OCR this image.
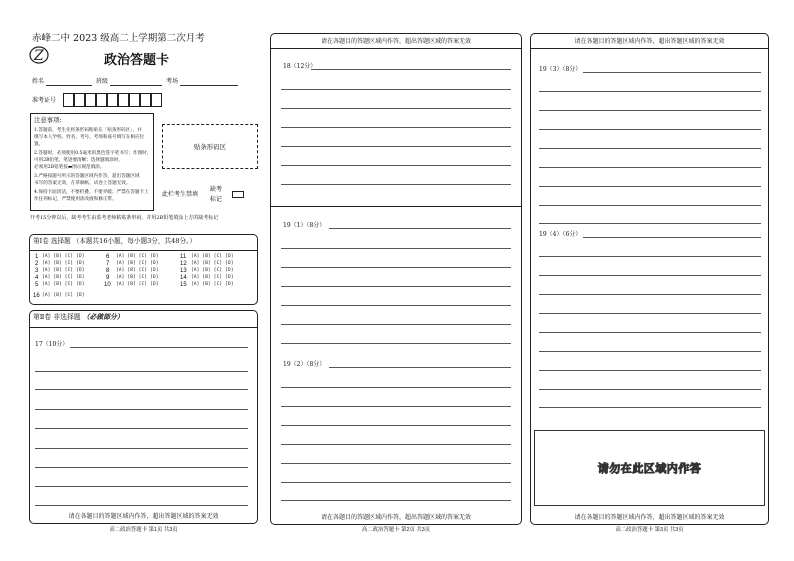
赤峰二中 2023 级高二上学期第二次月考
Z	政治答题卡
姓名	班级	考场
准考证号
注意事项:
1.答题前，考生先将条形码粘贴在「贴条形码区」，并
填写本人学校、姓名、考号、考场和座号填写在相应位
置。
2.答题时，必须使用0.5毫米的黑色签字笔书写；作图时，
可用2B铅笔，笔迹要清晰；选择题填涂时，
必须用2B铅笔按▬图示规范填涂。
3.严格按题号所示的答题区域内作答，超出答题区域
书写的答案无效，在草稿纸、试卷上答题无效。
4.保持卡面清洁，不要折叠、不要弄破；严禁在答题卡上
作任何标记，严禁使用涂改液和修正带。
贴条形码区
此栏考生禁填
缺考
标记
开考15分钟以后，缺考考生由监考老师粘贴条形码，并用2B铅笔填涂上方的缺考标记
第Ⅰ卷 选择题 （本题共16小题，每小题3分，共48分。）
1 [A] [B] [C] [D]
2 [A] [B] [C] [D]
3 [A] [B] [C] [D]
4 [A] [B] [C] [D]
5 [A] [B] [C] [D]
6 [A] [B] [C] [D]
7 [A] [B] [C] [D]
8 [A] [B] [C] [D]
9 [A] [B] [C] [D]
10 [A] [B] [C] [D]
11 [A] [B] [C] [D]
12 [A] [B] [C] [D]
13 [A] [B] [C] [D]
14 [A] [B] [C] [D]
15 [A] [B] [C] [D]
16 [A] [B] [C] [D]
第Ⅱ卷 非选择题 （必做部分）
17（10分）
请在各题目的答题区域内作答，超出答题区域的答案无效
高二政治答题卡 第1页 共3页
请在各题目的答题区域内作答，超出答题区域的答案无效
18（12分）
19（1）（8分）
19（2）（8分）
请在各题目的答题区域内作答，超出答题区域的答案无效
高二政治答题卡 第2页 共3页
请在各题目的答题区域内作答，超出答题区域的答案无效
19（3）（8分）
19（4）（6分）
请勿在此区域内作答
请在各题目的答题区域内作答，超出答题区域的答案无效
高二政治答题卡 第3页 共3页
